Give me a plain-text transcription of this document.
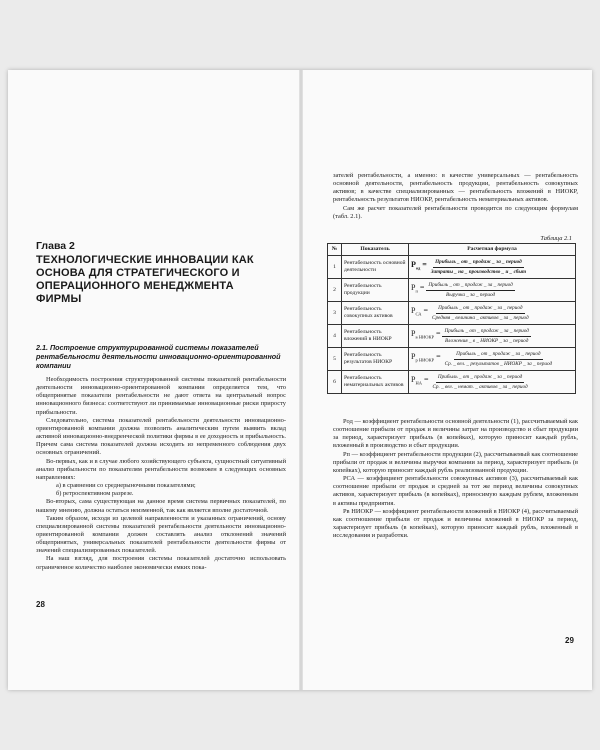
Глава 2
ТЕХНОЛОГИЧЕСКИЕ ИННОВАЦИИ КАК ОСНОВА ДЛЯ СТРАТЕГИЧЕСКОГО И ОПЕРАЦИОННОГО МЕНЕДЖМЕНТА ФИРМЫ
2.1. Построение структурированной системы показателей рентабельности деятельности инновационно-ориентированной компании

Необходимость построения структурированной системы показателей рентабельности деятельности инновационно-ориентированной компании определяется тем, что общепринятые показатели рентабельности не дают ответа на центральный вопрос инновационного бизнеса: соответствуют ли принимаемые инновационные риски приросту прибыльности.

Следовательно, система показателей рентабельности деятельности инновационно-ориентированной компании должна позволить аналитическим путем выявить вклад активной инновационно-внедренческой политики фирмы в ее доходность и прибыльность. Причем сама система показателей должна исходить из непременного соблюдения двух основных ограничений.

Во-первых, как и в случае любого хозяйствующего субъекта, сущностный ситуативный анализ прибыльности по показателям рентабельности возможен в следующих основных направлениях:

а) в сравнении со среднерыночными показателями;

б) ретроспективном разрезе.

Во-вторых, сама существующая на данное время система первичных показателей, по нашему мнению, должна остаться неизменной, так как является вполне достаточной.

Таким образом, исходя из целевой направленности и указанных ограничений, основу специализированной системы показателей рентабельности деятельности инновационно-ориентированной компании должен составлять анализ отклонений значений общепринятых, универсальных показателей рентабельности деятельности фирмы от значений специализированных показателей.

На наш взгляд, для построения системы показателей достаточно использовать ограниченное количество наиболее экономически емких пока-

28

зателей рентабельности, а именно: в качестве универсальных — рентабельность основной деятельности, рентабельность продукции, рентабельность совокупных активов; в качестве специализированных — рентабельность вложений в НИОКР, рентабельность результатов НИОКР, рентабельность нематериальных активов.

Сам же расчет показателей рентабельности проводится по следующим формулам (табл. 2.1).

Таблица 2.1
№	Показатель	Расчетная формула
1	Рентабельность основной деятельности	$Р_{од} = \frac{\text{Прибыль \_ от \_ продаж \_ за \_ период}}{\text{Затраты \_ на \_ производство \_ и \_ сбыт}}$

2	Рентабельность продукции	$Р_п = \frac{\text{Прибыль \_ от \_ продаж \_ за \_ период}}{\text{Выручка \_ за \_ период}}$

3	Рентабельность совокупных активов	$Р_{СА} = \frac{\text{Прибыль \_ от \_ продаж \_ за \_ период}}{\text{Средняя \_ величина \_ активов \_ за \_ период}}$

4	Рентабельность вложений в НИОКР	$Р_{в НИОКР} = \frac{\text{Прибыль \_ от \_ продаж \_ за \_ период}}{\text{Вложения \_ в \_ НИОКР \_ за \_ период}}$

5	Рентабельность результатов НИОКР	$Р_{р НИОКР} = \frac{\text{Прибыль \_ от \_ продаж \_ за \_ период}}{\text{Ср. \_ вел. \_ результатов \_ НИОКР \_ за \_ период}}$

6	Рентабельность нематериальных активов	$Р_{НА} = \frac{\text{Прибыль \_ от \_ продаж \_ за \_ период}}{\text{Ср. \_ вел. \_ немат. \_ активов \_ за \_ период}}$

Pод — коэффициент рентабельности основной деятельности (1), рассчитываемый как соотношение прибыли от продаж и величины затрат на производство и сбыт продукции за период, характеризует прибыль (в копейках), которую приносит каждый рубль, вложенный в производство и сбыт продукции.

Pп — коэффициент рентабельности продукции (2), рассчитываемый как соотношение прибыли от продаж и величины выручки компании за период, характеризует прибыль (в копейках), которую приносит каждый рубль реализованной продукции.

PСА — коэффициент рентабельности совокупных активов (3), рассчитываемый как соотношение прибыли от продаж и средней за тот же период величины совокупных активов, характеризует прибыль (в копейках), приносимую каждым рублем, вложенным в активы предприятия.

Pв НИОКР — коэффициент рентабельности вложений в НИОКР (4), рассчитываемый как соотношение прибыли от продаж и величины вложений в НИОКР за период, характеризует прибыль (в копейках), которую приносит каждый рубль, вложенный в исследования и разработки.

29
